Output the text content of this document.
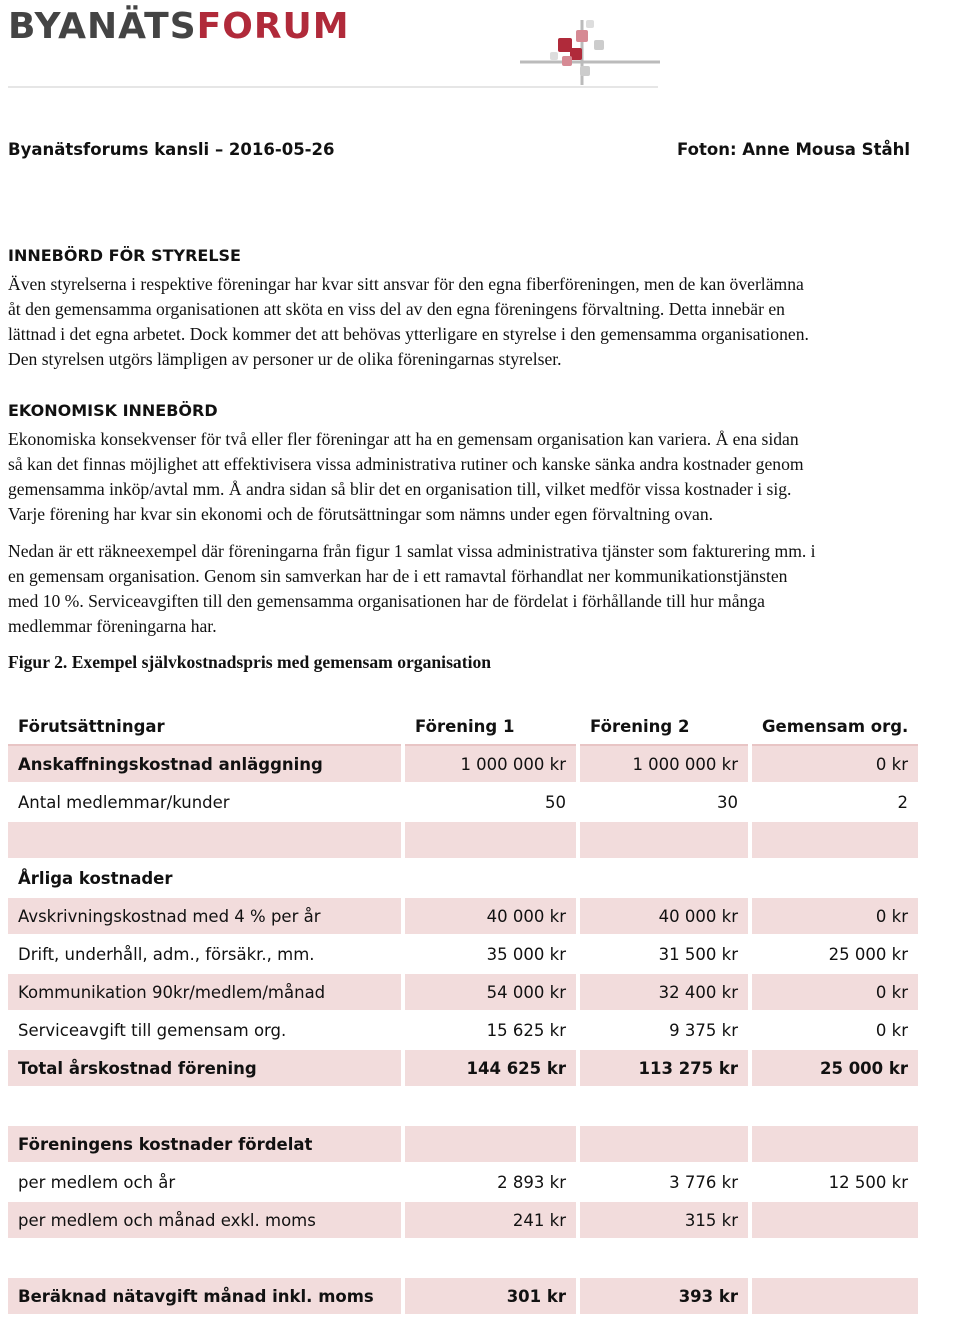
BYANÄTSFORUM
Byanätsforums kansli – 2016-05-26	Foton: Anne Mousa Ståhl
INNEBÖRD FÖR STYRELSE

Även styrelserna i respektive föreningar har kvar sitt ansvar för den egna fiberföreningen, men de kan överlämna

åt den gemensamma organisationen att sköta en viss del av den egna föreningens förvaltning. Detta innebär en

lättnad i det egna arbetet. Dock kommer det att behövas ytterligare en styrelse i den gemensamma organisationen.

Den styrelsen utgörs lämpligen av personer ur de olika föreningarnas styrelser.

EKONOMISK INNEBÖRD

Ekonomiska konsekvenser för två eller fler föreningar att ha en gemensam organisation kan variera. Å ena sidan

så kan det finnas möjlighet att effektivisera vissa administrativa rutiner och kanske sänka andra kostnader genom

gemensamma inköp/avtal mm. Å andra sidan så blir det en organisation till, vilket medför vissa kostnader i sig.

Varje förening har kvar sin ekonomi och de förutsättningar som nämns under egen förvaltning ovan.

Nedan är ett räkneexempel där föreningarna från figur 1 samlat vissa administrativa tjänster som fakturering mm. i

en gemensam organisation. Genom sin samverkan har de i ett ramavtal förhandlat ner kommunikationstjänsten

med 10 %. Serviceavgiften till den gemensamma organisationen har de fördelat i förhållande till hur många

medlemmar föreningarna har.

Figur 2. Exempel självkostnadspris med gemensam organisation
Förutsättningar	Förening 1	Förening 2	Gemensam org.
Anskaffningskostnad anläggning	1 000 000 kr	1 000 000 kr	0 kr
Antal medlemmar/kunder	50	30	2

Årliga kostnader			
Avskrivningskostnad med 4 % per år	40 000 kr	40 000 kr	0 kr
Drift, underhåll, adm., försäkr., mm.	35 000 kr	31 500 kr	25 000 kr
Kommunikation 90kr/medlem/månad	54 000 kr	32 400 kr	0 kr
Serviceavgift till gemensam org.	15 625 kr	9 375 kr	0 kr
Total årskostnad förening	144 625 kr	113 275 kr	25 000 kr

Föreningens kostnader fördelat			
per medlem och år	2 893 kr	3 776 kr	12 500 kr
per medlem och månad exkl. moms	241 kr	315 kr	

Beräknad nätavgift månad inkl. moms	301 kr	393 kr	
